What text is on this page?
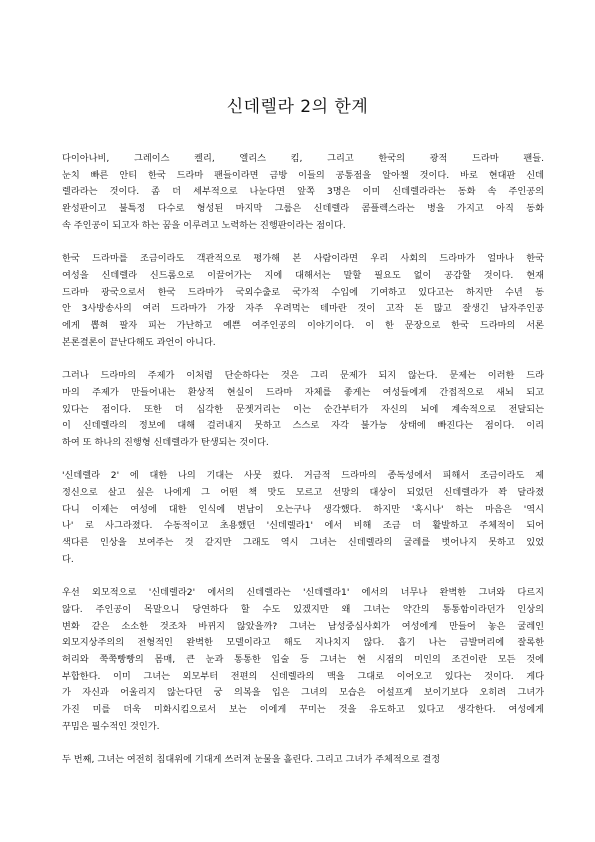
신데렐라 2의 한계
다이아나비, 그레이스 켈리, 엘리스 킴, 그리고 한국의 광적 드라마 팬들.
눈치 빠른 안티 한국 드라마 팬들이라면 금방 이들의 공통점을 알아챌 것이다. 바로 현대판 신데
렐라라는 것이다. 좀 더 세부적으로 나눈다면 앞쪽 3명은 이미 신데렐라라는 동화 속 주인공의
완성판이고 불특정 다수로 형성된 마지막 그룹은 신데렐라 콤플렉스라는 병을 가지고 아직 동화
속 주인공이 되고자 하는 꿈을 이루려고 노력하는 진행판이라는 점이다.
한국 드라마를 조금이라도 객관적으로 평가해 본 사람이라면 우리 사회의 드라마가 얼마나 한국
여성을 신데렐라 신드롬으로 이끌어가는 지에 대해서는 말할 필요도 없이 공감할 것이다. 현재
드라마 광국으로서 한국 드라마가 국외수출로 국가적 수입에 기여하고 있다고는 하지만 수년 동
안 3사방송사의 여러 드라마가 가장 자주 우려먹는 테마란 것이 고작 돈 많고 잘생긴 남자주인공
에게 뽑혀 팔자 피는 가난하고 예쁜 여주인공의 이야기이다. 이 한 문장으로 한국 드라마의 서론
본론결론이 끝난다해도 과언이 아니다.
그러나 드라마의 주제가 이처럼 단순하다는 것은 그리 문제가 되지 않는다. 문제는 이러한 드라
마의 주제가 만들어내는 환상적 현실이 드라마 자체를 좋게는 여성들에게 간접적으로 새뇌 되고
있다는 점이다. 또한 더 심각한 문젯거리는 이는 순간부터가 자신의 뇌에 계속적으로 전달되는
이 신데렐라의 정보에 대해 걸러내지 못하고 스스로 자각 불가능 상태에 빠진다는 점이다. 이리
하여 또 하나의 진행형 신데렐라가 탄생되는 것이다.
'신데렐라 2' 에 대한 나의 기대는 사뭇 컸다. 거금적 드라마의 종독성에서 피해서 조금이라도 제
정신으로 살고 싶은 나에게 그 어떤 책 맛도 모르고 선망의 대상이 되었던 신데렐라가 꽉 달라졌
다니 이제는 여성에 대한 인식에 변남이 오는구나 생각했다. 하지만 '혹시나' 하는 마음은 '역시
나' 로 사그라졌다. 수동적이고 초용했던 '신데렐라1' 에서 비해 조금 더 활발하고 주체적이 되어
색다른 인상을 보여주는 것 같지만 그래도 역시 그녀는 신데렐라의 굴레를 벗어나지 못하고 있었
다.
우선 외모적으로 '신데렐라2' 에서의 신데렐라는 '신데렐라1' 에서의 너무나 완벽한 그녀와 다르지
않다. 주인공이 목말으니 당연하다 할 수도 있겠지만 왜 그녀는 약간의 통통함이라던가 인상의
변화 같은 소소한 것조차 바뀌지 않았을까? 그녀는 남성중심사회가 여성에게 만들어 놓은 굴레인
외모지상주의의 전형적인 완벽한 모델이라고 해도 지나치지 않다. 흡기 나는 금발머리에 잘록한
허리와 쭉쭉빵빵의 몸매, 큰 눈과 통통한 입술 등 그녀는 현 시점의 미인의 조건이란 모든 것에
부합한다. 이미 그녀는 외모부터 전편의 신데렐라의 맥을 그대로 이어오고 있다는 것이다. 게다
가 자신과 어울리지 않는다던 궁 의복을 입은 그녀의 모습은 어설프게 보이기보다 오히려 그녀가
가진 미를 더욱 미화시킴으로서 보는 이에게 꾸미는 것을 유도하고 있다고 생각한다. 여성에게
꾸밈은 필수적인 것인가.
두 번째, 그녀는 여전히 침대위에 기대게 쓰러져 눈물을 흘린다. 그리고 그녀가 주체적으로 결정
